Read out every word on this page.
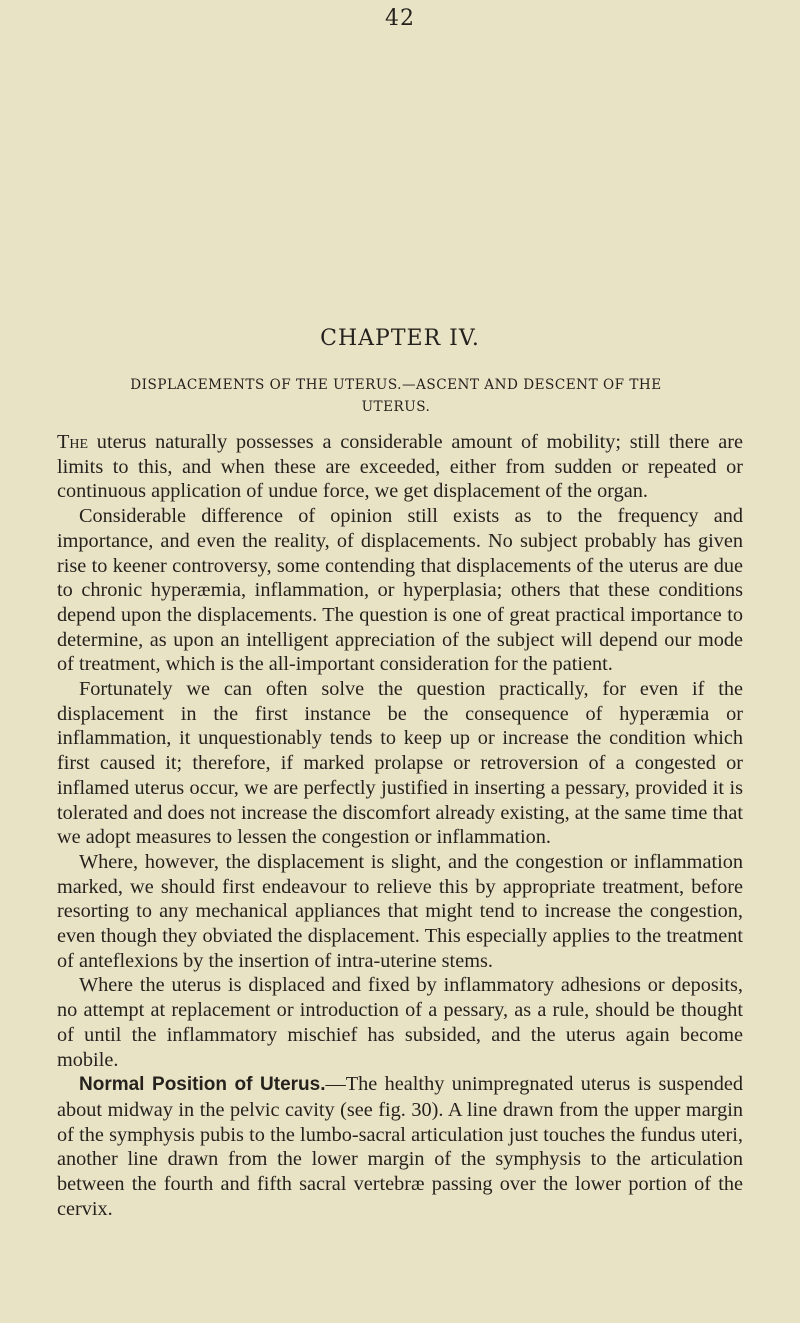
42
CHAPTER IV.
DISPLACEMENTS OF THE UTERUS.—ASCENT AND DESCENT OF THE UTERUS.

The uterus naturally possesses a considerable amount of mobility; still there are limits to this, and when these are exceeded, either from sudden or repeated or continuous application of undue force, we get displacement of the organ.

Considerable difference of opinion still exists as to the frequency and importance, and even the reality, of displacements. No subject probably has given rise to keener controversy, some contending that displacements of the uterus are due to chronic hyperæmia, inflammation, or hyperplasia; others that these conditions depend upon the displacements. The question is one of great practical importance to determine, as upon an intelligent appreciation of the subject will depend our mode of treatment, which is the all-important consideration for the patient.

Fortunately we can often solve the question practically, for even if the displacement in the first instance be the consequence of hyperæmia or inflammation, it unquestionably tends to keep up or increase the condition which first caused it; therefore, if marked prolapse or retroversion of a congested or inflamed uterus occur, we are perfectly justified in inserting a pessary, provided it is tolerated and does not increase the discomfort already existing, at the same time that we adopt measures to lessen the congestion or inflammation.

Where, however, the displacement is slight, and the congestion or inflammation marked, we should first endeavour to relieve this by appropriate treatment, before resorting to any mechanical appliances that might tend to increase the congestion, even though they obviated the displacement. This especially applies to the treatment of anteflexions by the insertion of intra-uterine stems.

Where the uterus is displaced and fixed by inflammatory adhesions or deposits, no attempt at replacement or introduction of a pessary, as a rule, should be thought of until the inflammatory mischief has subsided, and the uterus again become mobile.

Normal Position of Uterus.—The healthy unimpregnated uterus is suspended about midway in the pelvic cavity (see fig. 30). A line drawn from the upper margin of the symphysis pubis to the lumbo-sacral articulation just touches the fundus uteri, another line drawn from the lower margin of the symphysis to the articulation between the fourth and fifth sacral vertebræ passing over the lower portion of the cervix.
